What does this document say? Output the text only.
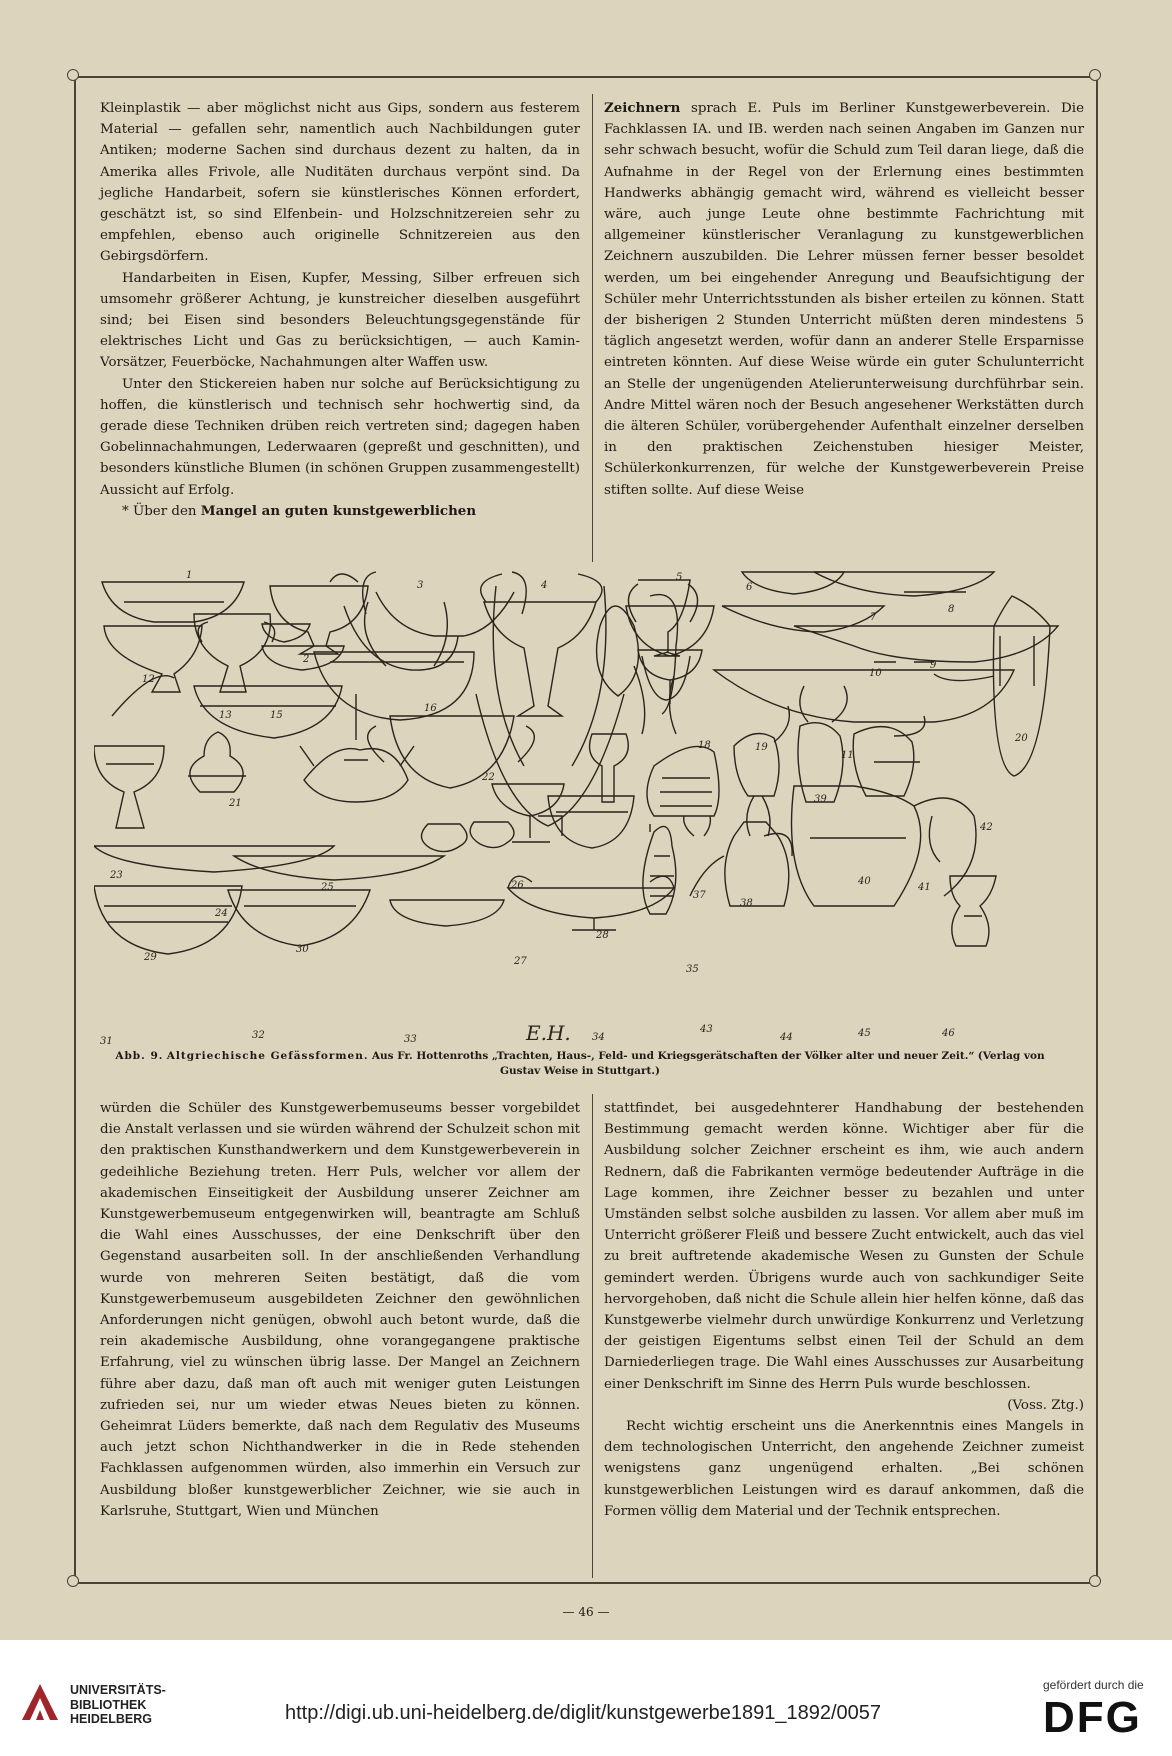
Kleinplastik — aber möglichst nicht aus Gips, sondern aus festerem Material — gefallen sehr, namentlich auch Nachbildungen guter Antiken; moderne Sachen sind durchaus dezent zu halten, da in Amerika alles Frivole, alle Nuditäten durchaus verpönt sind. Da jegliche Handarbeit, sofern sie künstlerisches Können erfordert, geschätzt ist, so sind Elfenbein- und Holzschnitzereien sehr zu empfehlen, ebenso auch originelle Schnitzereien aus den Gebirgsdörfern.

Handarbeiten in Eisen, Kupfer, Messing, Silber erfreuen sich umsomehr größerer Achtung, je kunstreicher dieselben ausgeführt sind; bei Eisen sind besonders Beleuchtungsgegenstände für elektrisches Licht und Gas zu berücksichtigen, — auch Kamin-Vorsätzer, Feuerböcke, Nachahmungen alter Waffen usw.

Unter den Stickereien haben nur solche auf Berücksichtigung zu hoffen, die künstlerisch und technisch sehr hochwertig sind, da gerade diese Techniken drüben reich vertreten sind; dagegen haben Gobelinnachahmungen, Lederwaaren (gepreßt und geschnitten), und besonders künstliche Blumen (in schönen Gruppen zusammengestellt) Aussicht auf Erfolg.

* Über den Mangel an guten kunstgewerblichen

Zeichnern sprach E. Puls im Berliner Kunstgewerbeverein. Die Fachklassen IA. und IB. werden nach seinen Angaben im Ganzen nur sehr schwach besucht, wofür die Schuld zum Teil daran liege, daß die Aufnahme in der Regel von der Erlernung eines bestimmten Handwerks abhängig gemacht wird, während es vielleicht besser wäre, auch junge Leute ohne bestimmte Fachrichtung mit allgemeiner künstlerischer Veranlagung zu kunstgewerblichen Zeichnern auszubilden. Die Lehrer müssen ferner besser besoldet werden, um bei eingehender Anregung und Beaufsichtigung der Schüler mehr Unterrichtsstunden als bisher erteilen zu können. Statt der bisherigen 2 Stunden Unterricht müßten deren mindestens 5 täglich angesetzt werden, wofür dann an anderer Stelle Ersparnisse eintreten könnten. Auf diese Weise würde ein guter Schulunterricht an Stelle der ungenügenden Atelierunterweisung durchführbar sein. Andre Mittel wären noch der Besuch angesehener Werkstätten durch die älteren Schüler, vorübergehender Aufenthalt einzelner derselben in den praktischen Zeichenstuben hiesiger Meister, Schülerkonkurrenzen, für welche der Kunstgewerbeverein Preise stiften sollte. Auf diese Weise

1
2
3	4
5
6
7
8
9
10
11
12
13	15
16
18	19
20
21
22
23
24
25	26
27
28
29
30
31
32	33	34
35
37
38
39
40
41
42
43
44	45	46
E.H.
Abb. 9. Altgriechische Gefässformen. Aus Fr. Hottenroths „Trachten, Haus-, Feld- und Kriegsgerätschaften der Völker alter und neuer Zeit.“ (Verlag von Gustav Weise in Stuttgart.)

würden die Schüler des Kunstgewerbemuseums besser vorgebildet die Anstalt verlassen und sie würden während der Schulzeit schon mit den praktischen Kunsthandwerkern und dem Kunstgewerbeverein in gedeihliche Beziehung treten. Herr Puls, welcher vor allem der akademischen Einseitigkeit der Ausbildung unserer Zeichner am Kunstgewerbemuseum entgegenwirken will, beantragte am Schluß die Wahl eines Ausschusses, der eine Denkschrift über den Gegenstand ausarbeiten soll. In der anschließenden Verhandlung wurde von mehreren Seiten bestätigt, daß die vom Kunstgewerbemuseum ausgebildeten Zeichner den gewöhnlichen Anforderungen nicht genügen, obwohl auch betont wurde, daß die rein akademische Ausbildung, ohne vorangegangene praktische Erfahrung, viel zu wünschen übrig lasse. Der Mangel an Zeichnern führe aber dazu, daß man oft auch mit weniger guten Leistungen zufrieden sei, nur um wieder etwas Neues bieten zu können. Geheimrat Lüders bemerkte, daß nach dem Regulativ des Museums auch jetzt schon Nichthandwerker in die in Rede stehenden Fachklassen aufgenommen würden, also immerhin ein Versuch zur Ausbildung bloßer kunstgewerblicher Zeichner, wie sie auch in Karlsruhe, Stuttgart, Wien und München

stattfindet, bei ausgedehnterer Handhabung der bestehenden Bestimmung gemacht werden könne. Wichtiger aber für die Ausbildung solcher Zeichner erscheint es ihm, wie auch andern Rednern, daß die Fabrikanten vermöge bedeutender Aufträge in die Lage kommen, ihre Zeichner besser zu bezahlen und unter Umständen selbst solche ausbilden zu lassen. Vor allem aber muß im Unterricht größerer Fleiß und bessere Zucht entwickelt, auch das viel zu breit auftretende akademische Wesen zu Gunsten der Schule gemindert werden. Übrigens wurde auch von sachkundiger Seite hervorgehoben, daß nicht die Schule allein hier helfen könne, daß das Kunstgewerbe vielmehr durch unwürdige Konkurrenz und Verletzung der geistigen Eigentums selbst einen Teil der Schuld an dem Darniederliegen trage. Die Wahl eines Ausschusses zur Ausarbeitung einer Denkschrift im Sinne des Herrn Puls wurde beschlossen.

(Voss. Ztg.)

Recht wichtig erscheint uns die Anerkenntnis eines Mangels in dem technologischen Unterricht, den angehende Zeichner zumeist wenigstens ganz ungenügend erhalten. „Bei schönen kunstgewerblichen Leistungen wird es darauf ankommen, daß die Formen völlig dem Material und der Technik entsprechen.

— 46 —
UNIVERSITÄTS-
BIBLIOTHEK
HEIDELBERG	http://digi.ub.uni-heidelberg.de/diglit/kunstgewerbe1891_1892/0057
gefördert durch die
DFG
